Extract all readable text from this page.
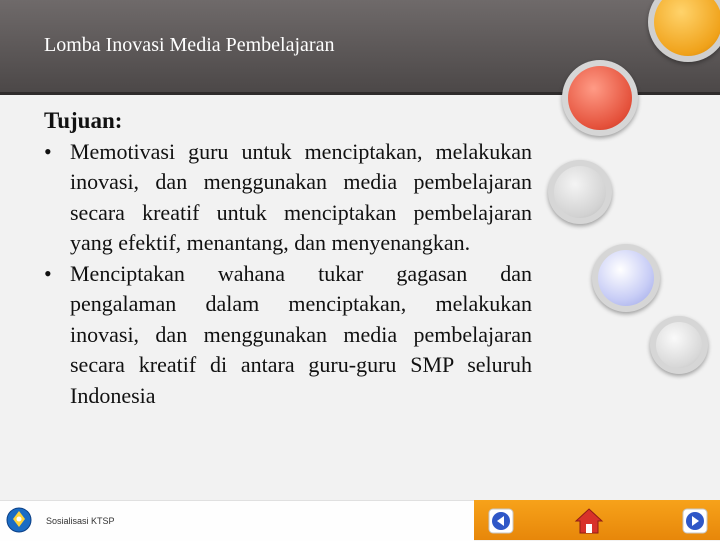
Lomba Inovasi Media Pembelajaran
Tujuan:
• Memotivasi guru untuk menciptakan, melakukan inovasi, dan menggunakan media pembelajaran secara kreatif untuk menciptakan pembelajaran yang efektif, menantang, dan menyenangkan.
• Menciptakan wahana tukar gagasan dan pengalaman dalam menciptakan, melakukan inovasi, dan menggunakan media pembelajaran secara kreatif di antara guru-guru SMP seluruh Indonesia
Sosialisasi KTSP
